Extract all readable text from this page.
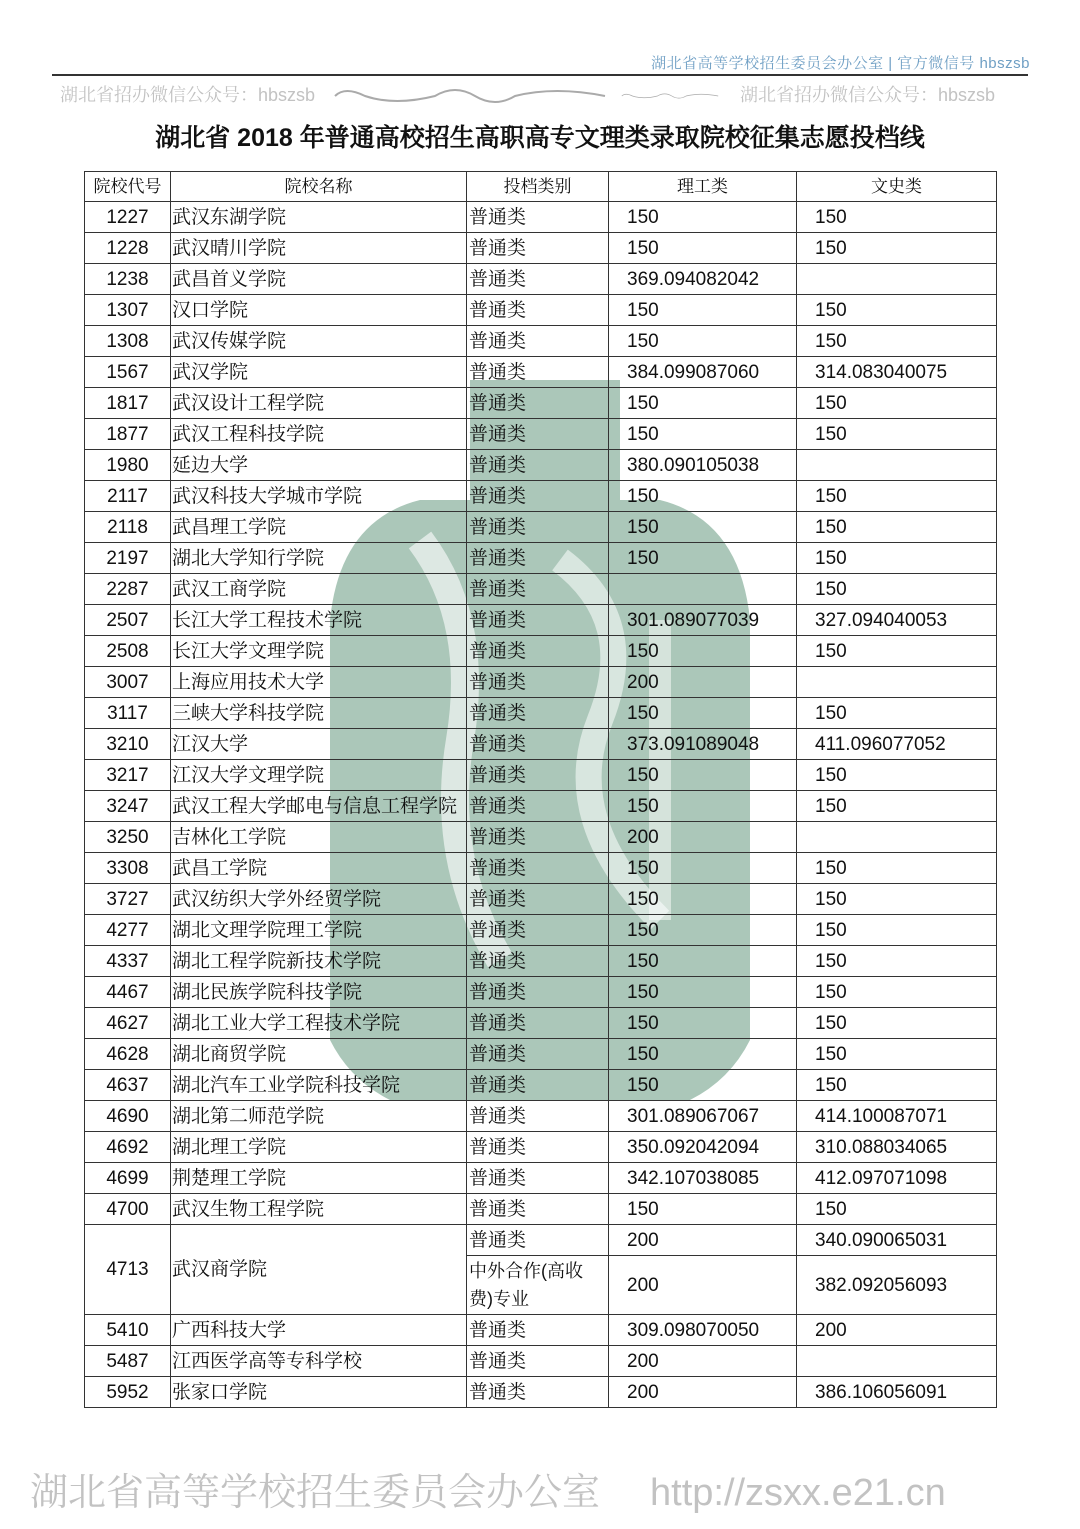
湖北省高等学校招生委员会办公室 | 官方微信号 hbszsb
湖北省 2018 年普通高校招生高职高专文理类录取院校征集志愿投档线
院校代号	院校名称	投档类别	理工类	文史类
1227	武汉东湖学院	普通类	150	150
1228	武汉晴川学院	普通类	150	150
1238	武昌首义学院	普通类	369.094082042	
1307	汉口学院	普通类	150	150
1308	武汉传媒学院	普通类	150	150
1567	武汉学院	普通类	384.099087060	314.083040075
1817	武汉设计工程学院	普通类	150	150
1877	武汉工程科技学院	普通类	150	150
1980	延边大学	普通类	380.090105038	
2117	武汉科技大学城市学院	普通类	150	150
2118	武昌理工学院	普通类	150	150
2197	湖北大学知行学院	普通类	150	150
2287	武汉工商学院	普通类		150
2507	长江大学工程技术学院	普通类	301.089077039	327.094040053
2508	长江大学文理学院	普通类	150	150
3007	上海应用技术大学	普通类	200	
3117	三峡大学科技学院	普通类	150	150
3210	江汉大学	普通类	373.091089048	411.096077052
3217	江汉大学文理学院	普通类	150	150
3247	武汉工程大学邮电与信息工程学院	普通类	150	150
3250	吉林化工学院	普通类	200	
3308	武昌工学院	普通类	150	150
3727	武汉纺织大学外经贸学院	普通类	150	150
4277	湖北文理学院理工学院	普通类	150	150
4337	湖北工程学院新技术学院	普通类	150	150
4467	湖北民族学院科技学院	普通类	150	150
4627	湖北工业大学工程技术学院	普通类	150	150
4628	湖北商贸学院	普通类	150	150
4637	湖北汽车工业学院科技学院	普通类	150	150
4690	湖北第二师范学院	普通类	301.089067067	414.100087071
4692	湖北理工学院	普通类	350.092042094	310.088034065
4699	荆楚理工学院	普通类	342.107038085	412.097071098
4700	武汉生物工程学院	普通类	150	150
4713	武汉商学院	普通类	200	340.090065031
		中外合作(高收费)专业	200	382.092056093
5410	广西科技大学	普通类	309.098070050	200
5487	江西医学高等专科学校	普通类	200	
5952	张家口学院	普通类	200	386.106056091
湖北省招办微信公众号：hbszsb
湖北省高等学校招生委员会办公室 http://zsxx.e21.cn
湖北省招办微信公众号：hbszsb
